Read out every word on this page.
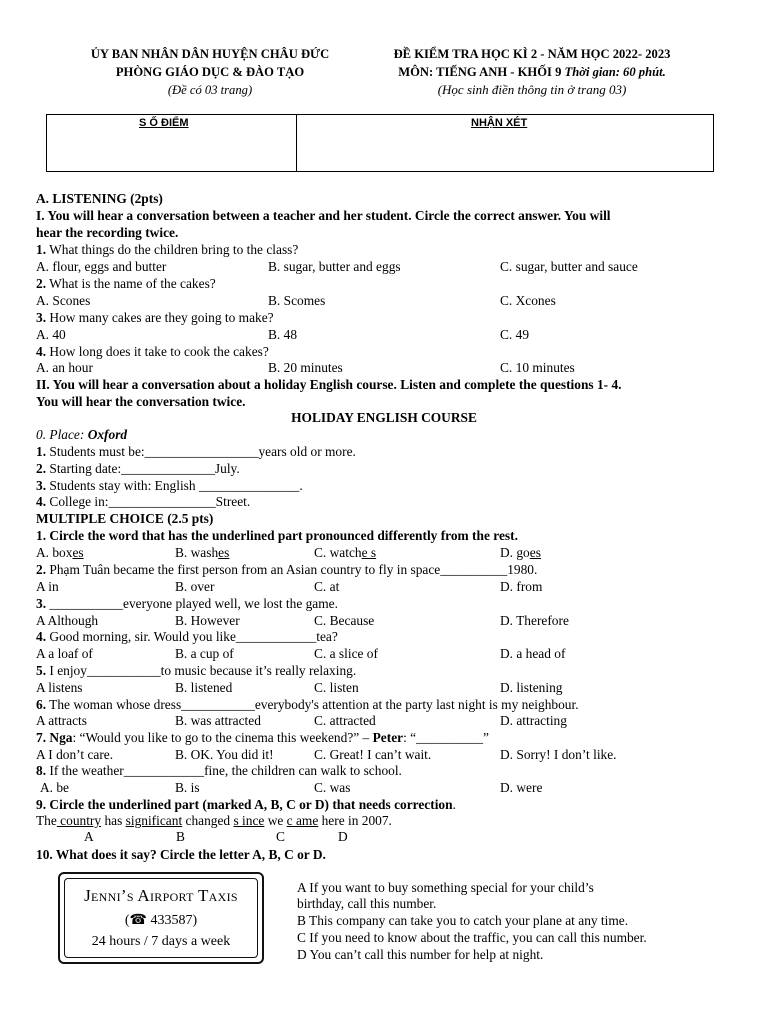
ỦY BAN NHÂN DÂN HUYỆN CHÂU ĐỨC
PHÒNG GIÁO DỤC & ĐÀO TẠO
(Đề có 03 trang)
ĐỀ KIỂM TRA HỌC KÌ 2 - NĂM HỌC 2022- 2023
MÔN: TIẾNG ANH - KHỐI 9 Thời gian: 60 phút.
(Học sinh điền thông tin ở trang 03)
S Ố ĐIỂM	NHẬN XÉT
A. LISTENING (2pts)
I. You will hear a conversation between a teacher and her student. Circle the correct answer. You will
hear the recording twice.
1. What things do the children bring to the class?
A. flour, eggs and butter	B. sugar, butter and eggs	C. sugar, butter and sauce
2. What is the name of the cakes?
A. Scones	B. Scomes	C. Xcones
3. How many cakes are they going to make?
A. 40	B. 48	C. 49
4. How long does it take to cook the cakes?
A. an hour	B. 20 minutes	C. 10 minutes
II. You will hear a conversation about a holiday English course. Listen and complete the questions 1- 4.
You will hear the conversation twice.
HOLIDAY ENGLISH COURSE
0. Place: Oxford
1. Students must be:_________________years old or more.
2. Starting date:______________July.
3. Students stay with: English _______________.
4. College in:________________Street.
MULTIPLE CHOICE (2.5 pts)
1. Circle the word that has the underlined part pronounced differently from the rest.
A. boxes	B. washes	C. watche s	D. goes
2. Phạm Tuân became the first person from an Asian country to fly in space__________1980.
A in	B. over	C. at	D. from
3. ___________everyone played well, we lost the game.
A Although	B. However	C. Because	D. Therefore
4. Good morning, sir. Would you like____________tea?
A a loaf of	B. a cup of	C. a slice of	D. a head of
5. I enjoy___________to music because it’s really relaxing.
A listens	B. listened	C. listen	D. listening
6. The woman whose dress___________everybody's attention at the party last night is my neighbour.
A attracts	B. was attracted	C. attracted	D. attracting
7. Nga: “Would you like to go to the cinema this weekend?” – Peter: “__________”
A I don’t care.	B. OK. You did it!	C. Great! I can’t wait.	D. Sorry! I don’t like.
8. If the weather____________fine, the children can walk to school.
A. be	B. is	C. was	D. were
9. Circle the underlined part (marked A, B, C or D) that needs correction.
The country has significant changed s ince we c ame here in 2007.
A	B	C	D
10. What does it say? Circle the letter A, B, C or D.
Jenni’s Airport Taxis
(☎ 433587)
24 hours / 7 days a week
A If you want to buy something special for your child’s
birthday, call this number.
B This company can take you to catch your plane at any time.
C If you need to know about the traffic, you can call this number.
D You can’t call this number for help at night.
